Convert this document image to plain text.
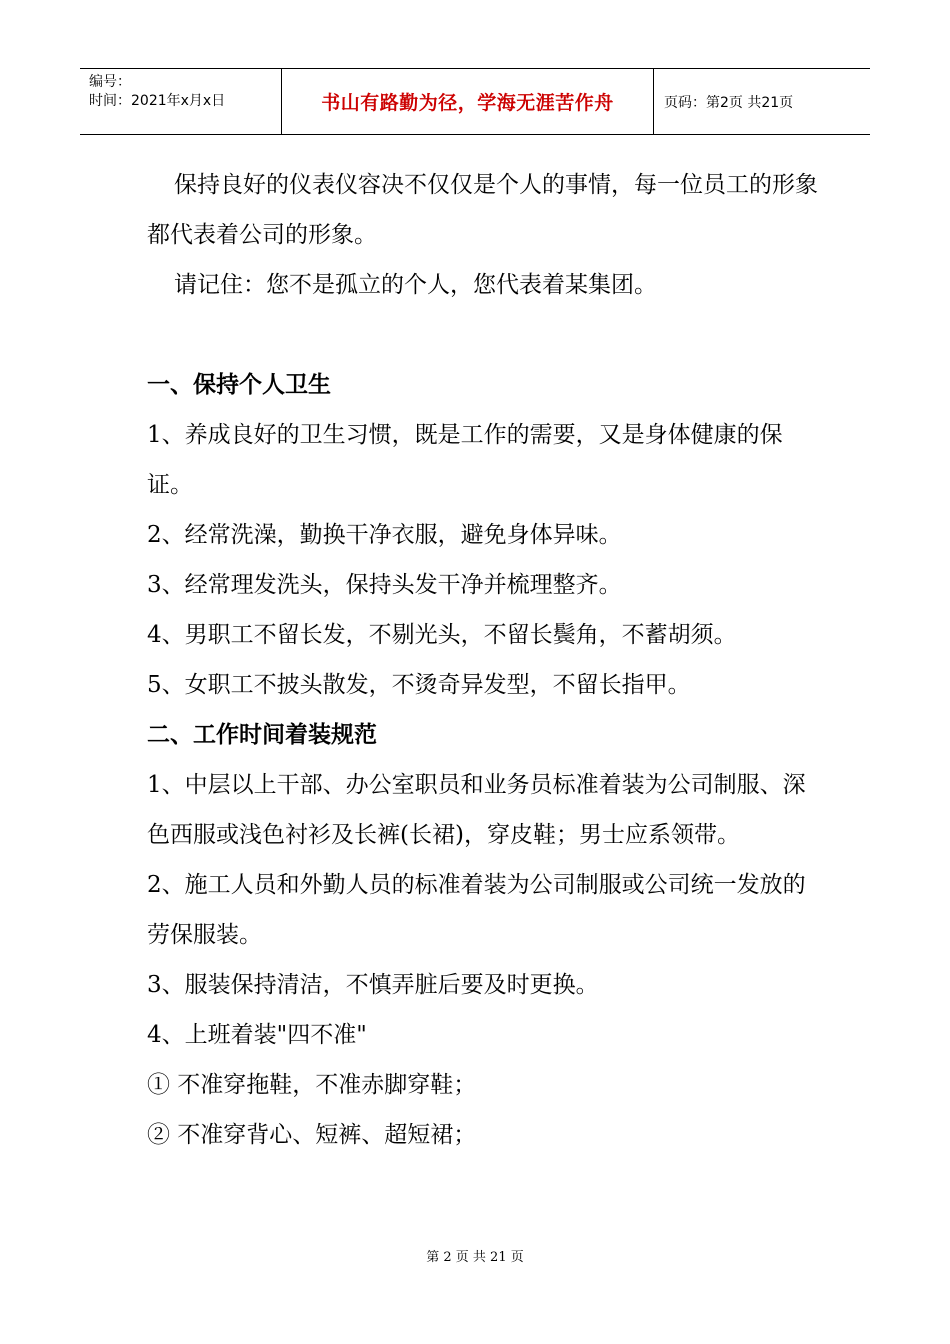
编号：
时间：2021年x月x日	书山有路勤为径，学海无涯苦作舟	页码：第2页 共21页

保持良好的仪表仪容决不仅仅是个人的事情，每一位员工的形象都代表着公司的形象。

请记住：您不是孤立的个人，您代表着某集团。

一、保持个人卫生

1、养成良好的卫生习惯，既是工作的需要，又是身体健康的保证。

2、经常洗澡，勤换干净衣服，避免身体异味。

3、经常理发洗头，保持头发干净并梳理整齐。

4、男职工不留长发，不剔光头，不留长鬓角，不蓄胡须。

5、女职工不披头散发，不烫奇异发型，不留长指甲。

二、工作时间着装规范

1、中层以上干部、办公室职员和业务员标准着装为公司制服、深色西服或浅色衬衫及长裤(长裙)，穿皮鞋；男士应系领带。

2、施工人员和外勤人员的标准着装为公司制服或公司统一发放的劳保服装。

3、服装保持清洁，不慎弄脏后要及时更换。

4、上班着装"四不准"

① 不准穿拖鞋，不准赤脚穿鞋；

② 不准穿背心、短裤、超短裙；

第 2 页 共 21 页
